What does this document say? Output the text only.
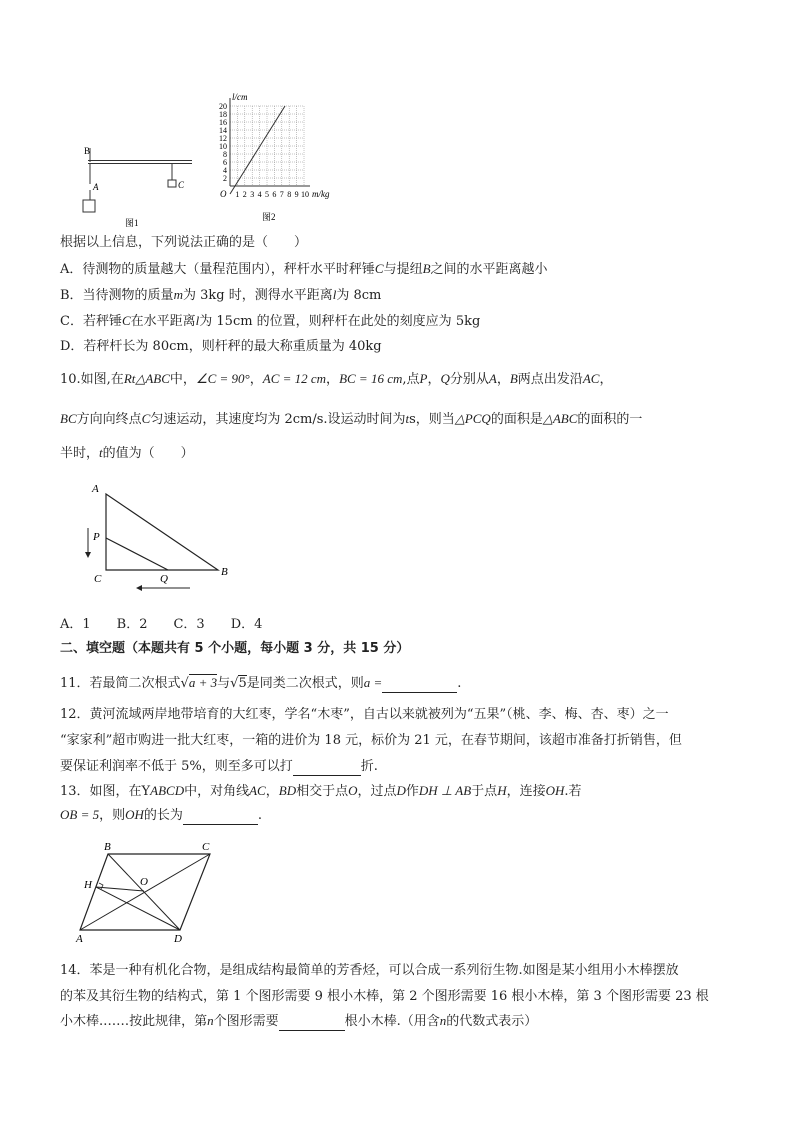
B
A	C
图1
l/cm
20
18
16
14
12
10
8
6
4
2
O 1 2 3 4 5 6 7 8 9 10 m/kg
图2
根据以上信息，下列说法正确的是（　　）
A．待测物的质量越大（量程范围内），秤杆水平时秤锤C与提纽B之间的水平距离越小
B．当待测物的质量m为 3kg 时，测得水平距离l为 8cm
C．若秤锤C在水平距离l为 15cm 的位置，则秤杆在此处的刻度应为 5kg
D．若秤杆长为 80cm，则杆秤的最大称重质量为 40kg
10.如图,在Rt△ABC中，∠C = 90°，AC = 12 cm，BC = 16 cm,点P，Q分别从A，B两点出发沿AC，
BC方向向终点C匀速运动，其速度均为 2cm/s.设运动时间为ts，则当△PCQ的面积是△ABC的面积的一
半时，t的值为（　　）
A
P
C	Q
B
A．1　　B．2　　C．3　　D．4
二、填空题（本题共有 5 个小题，每小题 3 分，共 15 分）
11．若最简二次根式√a + 3与√5是同类二次根式，则a =	.
12．黄河流域两岸地带培育的大红枣，学名“木枣”，自古以来就被列为“五果”（桃、李、梅、杏、枣）之一
“家家利”超市购进一批大红枣，一箱的进价为 18 元，标价为 21 元，在春节期间，该超市准备打折销售，但
要保证利润率不低于 5%，则至多可以打	折.
13．如图，在YABCD中，对角线AC，BD相交于点O，过点D作DH ⊥ AB于点H，连接OH.若
OB = 5，则OH的长为	.
B	C
H	O
A	D
14．苯是一种有机化合物，是组成结构最简单的芳香烃，可以合成一系列衍生物.如图是某小组用小木棒摆放
的苯及其衍生物的结构式，第 1 个图形需要 9 根小木棒，第 2 个图形需要 16 根小木棒，第 3 个图形需要 23 根
小木棒.……按此规律，第n个图形需要	根小木棒.（用含n的代数式表示）
